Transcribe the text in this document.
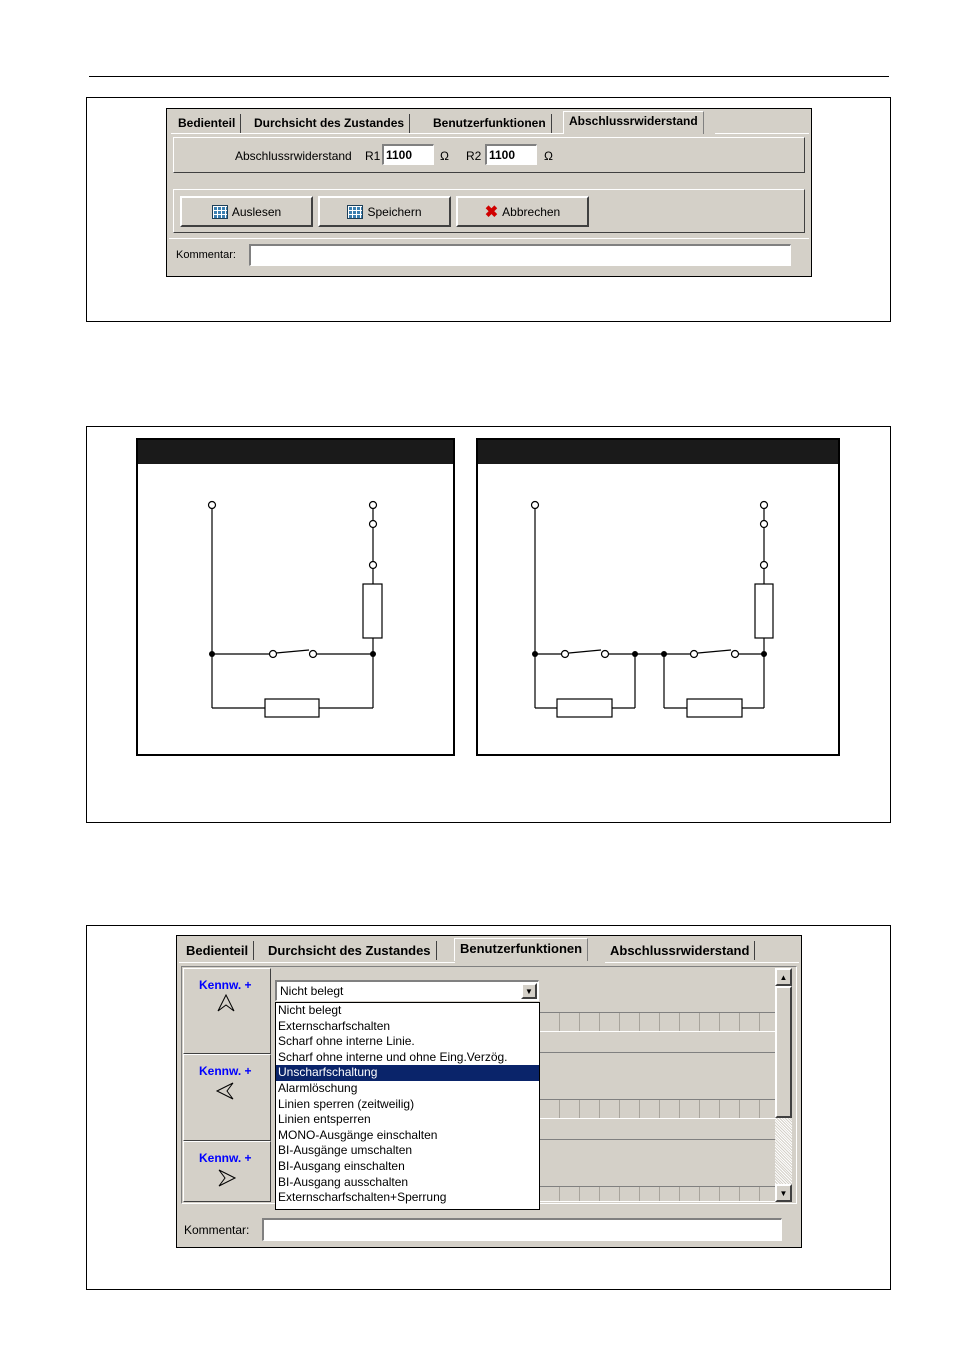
Bedienteil	Durchsicht des Zustandes	Benutzerfunktionen	Abschlussrwiderstand
Abschlussrwiderstand R1 1100 Ω R2 1100 Ω
Auslesen	Speichern	✖ Abbrechen
Kommentar:
Bedienteil	Durchsicht des Zustandes	Benutzerfunktionen	Abschlussrwiderstand
Kennw. +
Kennw. +
Kennw. +
▲
▼
Nicht belegt	▼
Nicht belegt
Externscharfschalten
Scharf ohne interne Linie.
Scharf ohne interne und ohne Eing.Verzög.
Unscharfschaltung
Alarmlöschung
Linien sperren (zeitweilig)
Linien entsperren
MONO-Ausgänge einschalten
BI-Ausgänge umschalten
BI-Ausgang einschalten
BI-Ausgang ausschalten
Externscharfschalten+Sperrung
Kommentar:
